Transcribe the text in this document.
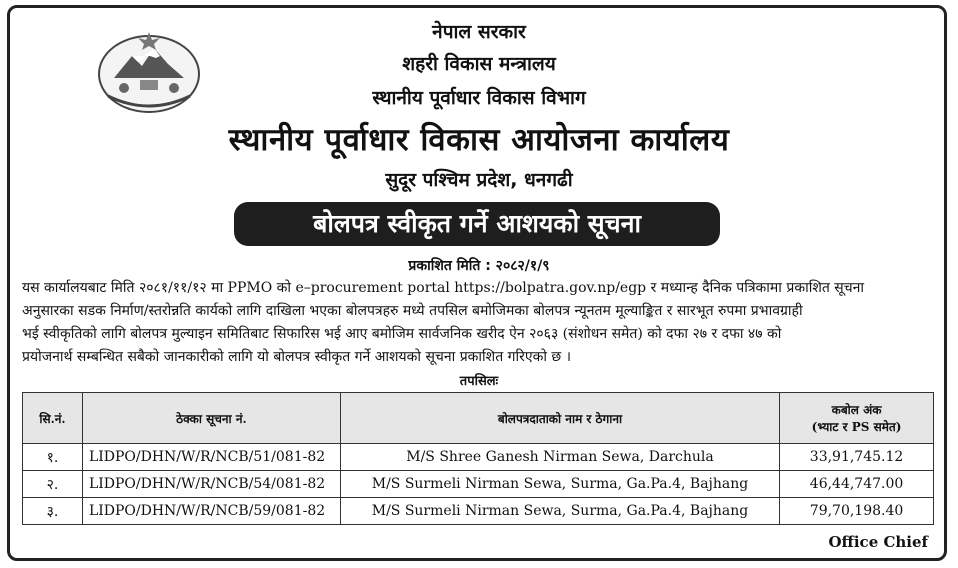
नेपाल सरकार
शहरी विकास मन्त्रालय
स्थानीय पूर्वाधार विकास विभाग
स्थानीय पूर्वाधार विकास आयोजना कार्यालय
सुदूर पश्चिम प्रदेश, धनगढी
बोलपत्र स्वीकृत गर्ने आशयको सूचना
प्रकाशित मिति : २०८२/१/९
यस कार्यालयबाट मिति २०८१/११/१२ मा PPMO को e–procurement portal https://bolpatra.gov.np/egp र मध्यान्ह दैनिक पत्रिकामा प्रकाशित सूचना
अनुसारका सडक निर्माण/स्तरोन्नति कार्यको लागि दाखिला भएका बोलपत्रहरु मध्ये तपसिल बमोजिमका बोलपत्र न्यूनतम मूल्याङ्कित र सारभूत रुपमा प्रभावग्राही
भई स्वीकृतिको लागि बोलपत्र मुल्याइन समितिबाट सिफारिस भई आए बमोजिम सार्वजनिक खरीद ऐन २०६३ (संशोधन समेत) को दफा २७ र दफा ४७ को
प्रयोजनार्थ सम्बन्धित सबैको जानकारीको लागि यो बोलपत्र स्वीकृत गर्ने आशयको सूचना प्रकाशित गरिएको छ ।
तपसिलः
सि.नं.	ठेक्का सूचना नं.	बोलपत्रदाताको नाम र ठेगाना	कबोल अंक
(भ्याट र PS समेत)

१.	LIDPO/DHN/W/R/NCB/51/081-82	M/S Shree Ganesh Nirman Sewa, Darchula	33,91,745.12
२.	LIDPO/DHN/W/R/NCB/54/081-82	M/S Surmeli Nirman Sewa, Surma, Ga.Pa.4, Bajhang	46,44,747.00
३.	LIDPO/DHN/W/R/NCB/59/081-82	M/S Surmeli Nirman Sewa, Surma, Ga.Pa.4, Bajhang	79,70,198.40
Office Chief
